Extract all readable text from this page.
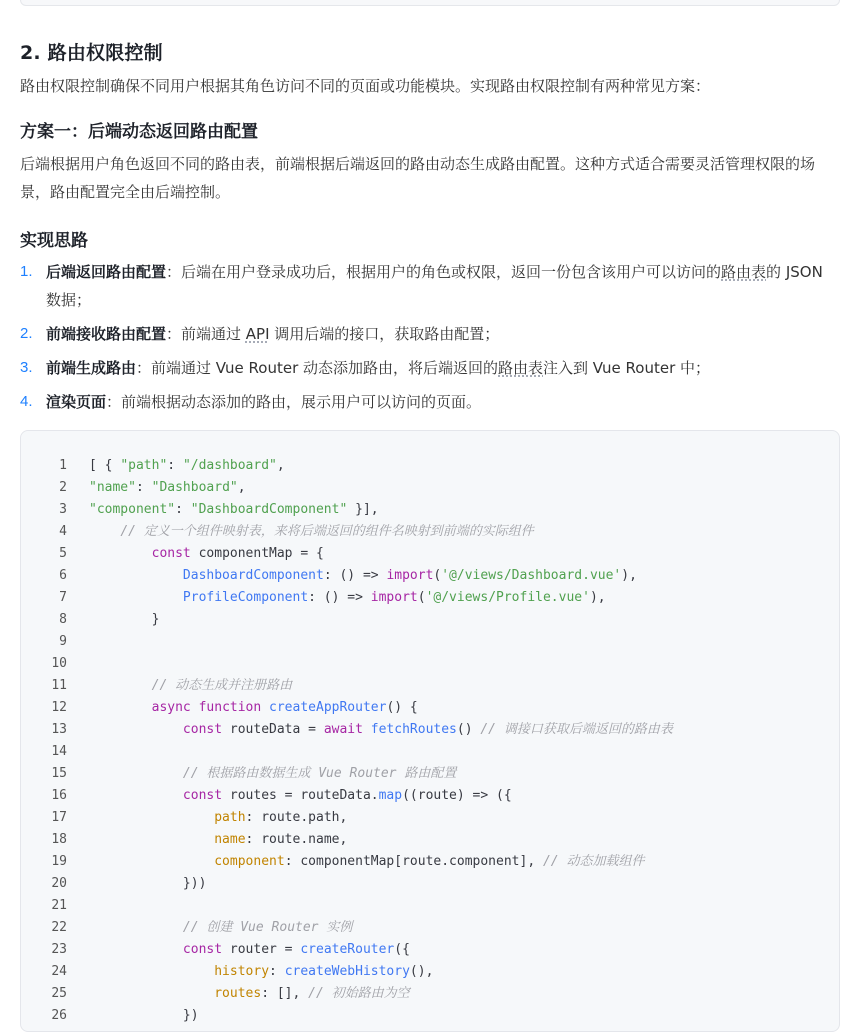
2. 路由权限控制

路由权限控制确保不同用户根据其角色访问不同的页面或功能模块。实现路由权限控制有两种常见方案：

方案一：后端动态返回路由配置

后端根据用户角色返回不同的路由表，前端根据后端返回的路由动态生成路由配置。这种方式适合需要灵活管理权限的场景，路由配置完全由后端控制。

实现思路
1. 后端返回路由配置：后端在用户登录成功后，根据用户的角色或权限，返回一份包含该用户可以访问的路由表的 JSON 数据；
2. 前端接收路由配置：前端通过 API 调用后端的接口，获取路由配置；
3. 前端生成路由：前端通过 Vue Router 动态添加路由，将后端返回的路由表注入到 Vue Router 中；
4. 渲染页面：前端根据动态添加的路由，展示用户可以访问的页面。
1	[ { "path": "/dashboard",
2	"name": "Dashboard",
3	"component": "DashboardComponent" }],
4	// 定义一个组件映射表，来将后端返回的组件名映射到前端的实际组件
5	const componentMap = {
6	DashboardComponent: () => import('@/views/Dashboard.vue'),
7	ProfileComponent: () => import('@/views/Profile.vue'),
8	}
9
10
11	// 动态生成并注册路由
12	async function createAppRouter() {
13	const routeData = await fetchRoutes() // 调接口获取后端返回的路由表
14
15	// 根据路由数据生成 Vue Router 路由配置
16	const routes = routeData.map((route) => ({
17	path: route.path,
18	name: route.name,
19	component: componentMap[route.component], // 动态加载组件
20	}))
21
22	// 创建 Vue Router 实例
23	const router = createRouter({
24	history: createWebHistory(),
25	routes: [], // 初始路由为空
26	})
